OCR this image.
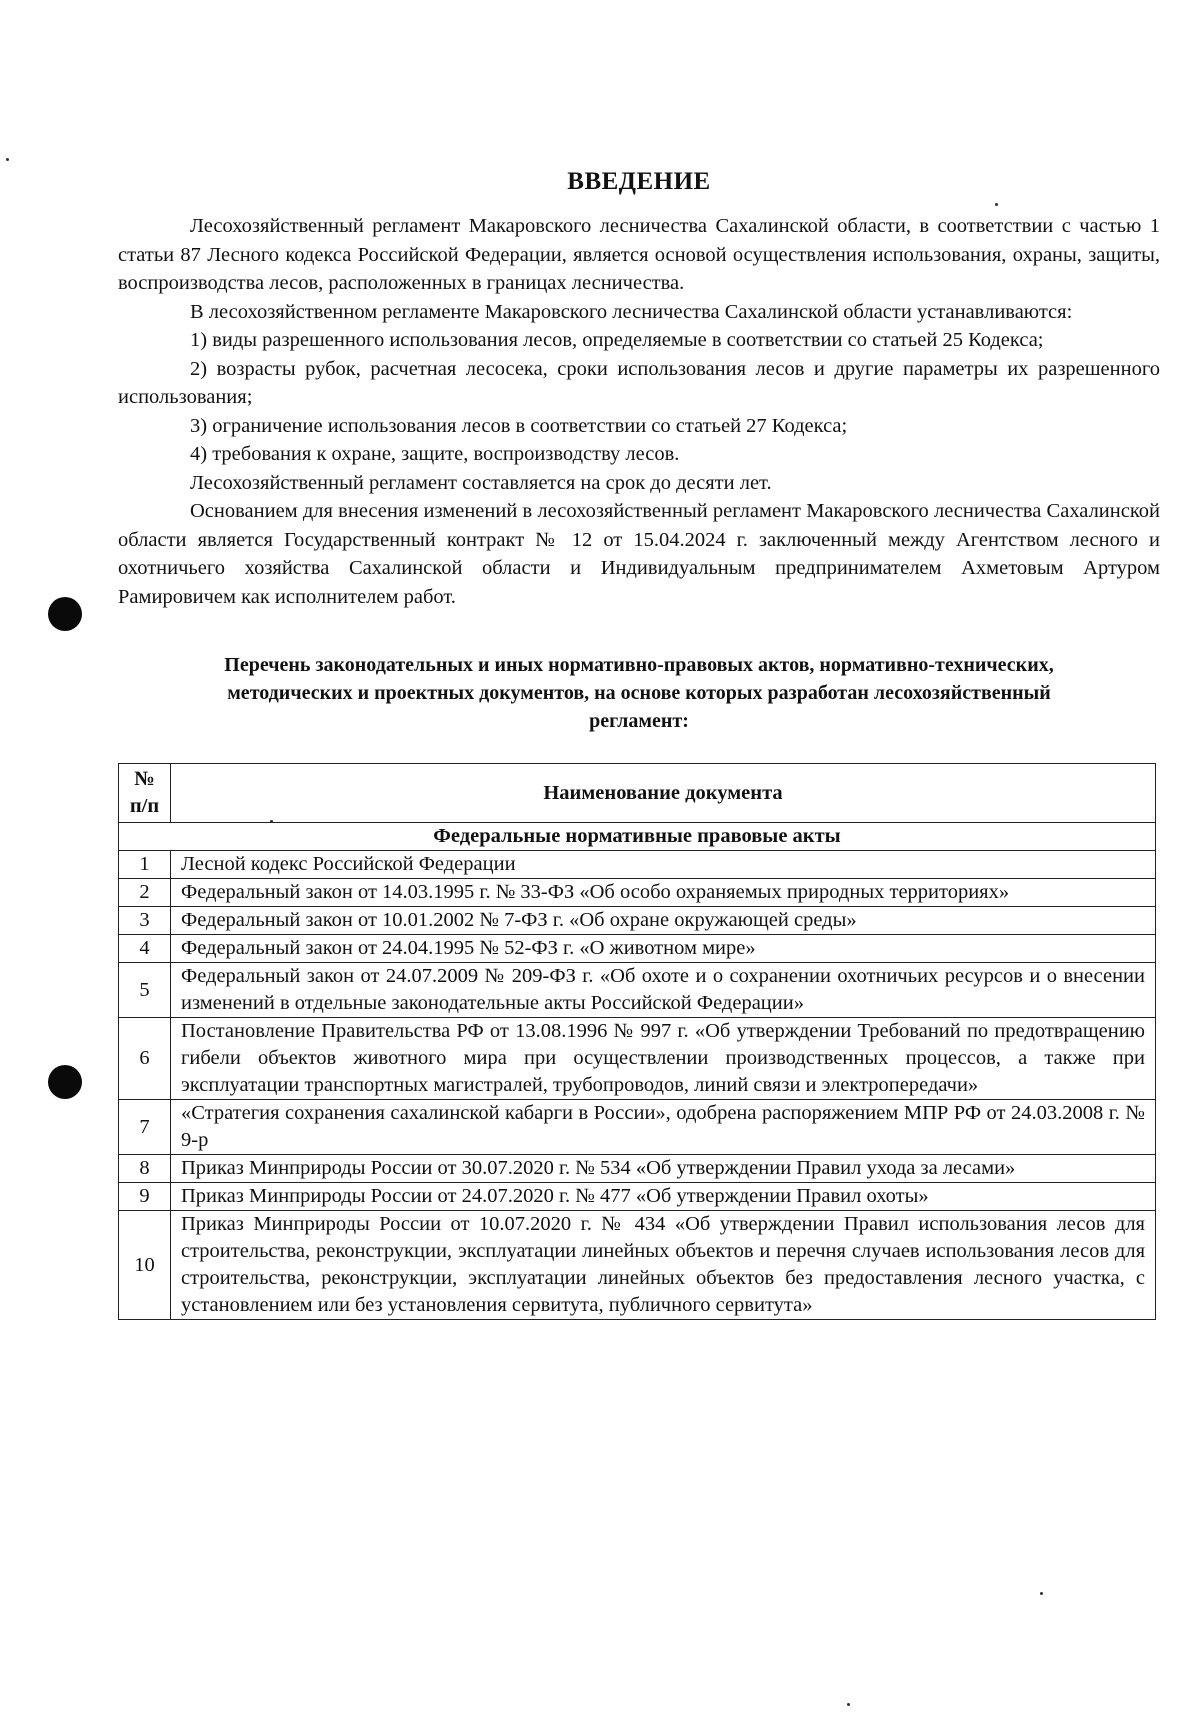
ВВЕДЕНИЕ

Лесохозяйственный регламент Макаровского лесничества Сахалинской области, в соответствии с частью 1 статьи 87 Лесного кодекса Российской Федерации, является основой осуществления использования, охраны, защиты, воспроизводства лесов, расположенных в границах лесничества.

В лесохозяйственном регламенте Макаровского лесничества Сахалинской области устанавливаются:

1) виды разрешенного использования лесов, определяемые в соответствии со статьей 25 Кодекса;

2) возрасты рубок, расчетная лесосека, сроки использования лесов и другие параметры их разрешенного использования;

3) ограничение использования лесов в соответствии со статьей 27 Кодекса;

4) требования к охране, защите, воспроизводству лесов.

Лесохозяйственный регламент составляется на срок до десяти лет.

Основанием для внесения изменений в лесохозяйственный регламент Макаровского лесничества Сахалинской области является Государственный контракт № 12 от 15.04.2024 г. заключенный между Агентством лесного и охотничьего хозяйства Сахалинской области и Индивидуальным предпринимателем Ахметовым Артуром Рамировичем как исполнителем работ.

Перечень законодательных и иных нормативно-правовых актов, нормативно-технических, методических и проектных документов, на основе которых разработан лесохозяйственный регламент:
№ п/п	Наименование документа
Федеральные нормативные правовые акты	
1	Лесной кодекс Российской Федерации
2	Федеральный закон от 14.03.1995 г. № 33-ФЗ «Об особо охраняемых природных территориях»
3	Федеральный закон от 10.01.2002 № 7-ФЗ г. «Об охране окружающей среды»
4	Федеральный закон от 24.04.1995 № 52-ФЗ г. «О животном мире»
5	Федеральный закон от 24.07.2009 № 209-ФЗ г. «Об охоте и о сохранении охотничьих ресурсов и о внесении изменений в отдельные законодательные акты Российской Федерации»
6	Постановление Правительства РФ от 13.08.1996 № 997 г. «Об утверждении Требований по предотвращению гибели объектов животного мира при осуществлении производственных процессов, а также при эксплуатации транспортных магистралей, трубопроводов, линий связи и электропередачи»
7	«Стратегия сохранения сахалинской кабарги в России», одобрена распоряжением МПР РФ от 24.03.2008 г. № 9-р
8	Приказ Минприроды России от 30.07.2020 г. № 534 «Об утверждении Правил ухода за лесами»
9	Приказ Минприроды России от 24.07.2020 г. № 477 «Об утверждении Правил охоты»
10	Приказ Минприроды России от 10.07.2020 г. № 434 «Об утверждении Правил использования лесов для строительства, реконструкции, эксплуатации линейных объектов и перечня случаев использования лесов для строительства, реконструкции, эксплуатации линейных объектов без предоставления лесного участка, с установлением или без установления сервитута, публичного сервитута»
